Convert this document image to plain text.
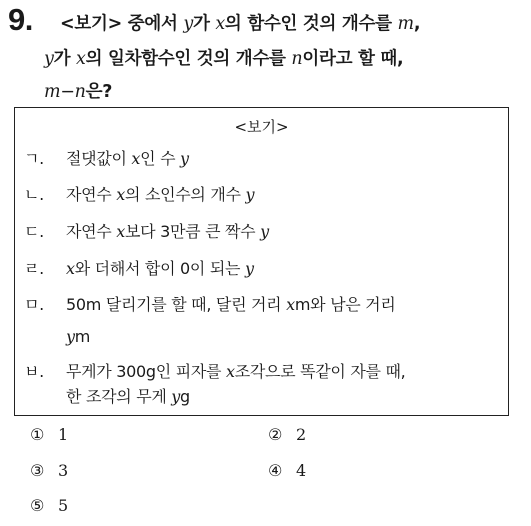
9. <보기> 중에서 y가 x의 함수인 것의 개수를 m,
y가 x의 일차함수인 것의 개수를 n이라고 할 때,
m−n은?
<보기>
ㄱ. 절댓값이 x인 수 y
ㄴ. 자연수 x의 소인수의 개수 y
ㄷ. 자연수 x보다 3만큼 큰 짝수 y
ㄹ. x와 더해서 합이 0이 되는 y
ㅁ. 50m 달리기를 할 때, 달린 거리 xm와 남은 거리
ym
ㅂ. 무게가 300g인 피자를 x조각으로 똑같이 자를 때,
한 조각의 무게 yg
① 1	② 2
③ 3	④ 4
⑤ 5
